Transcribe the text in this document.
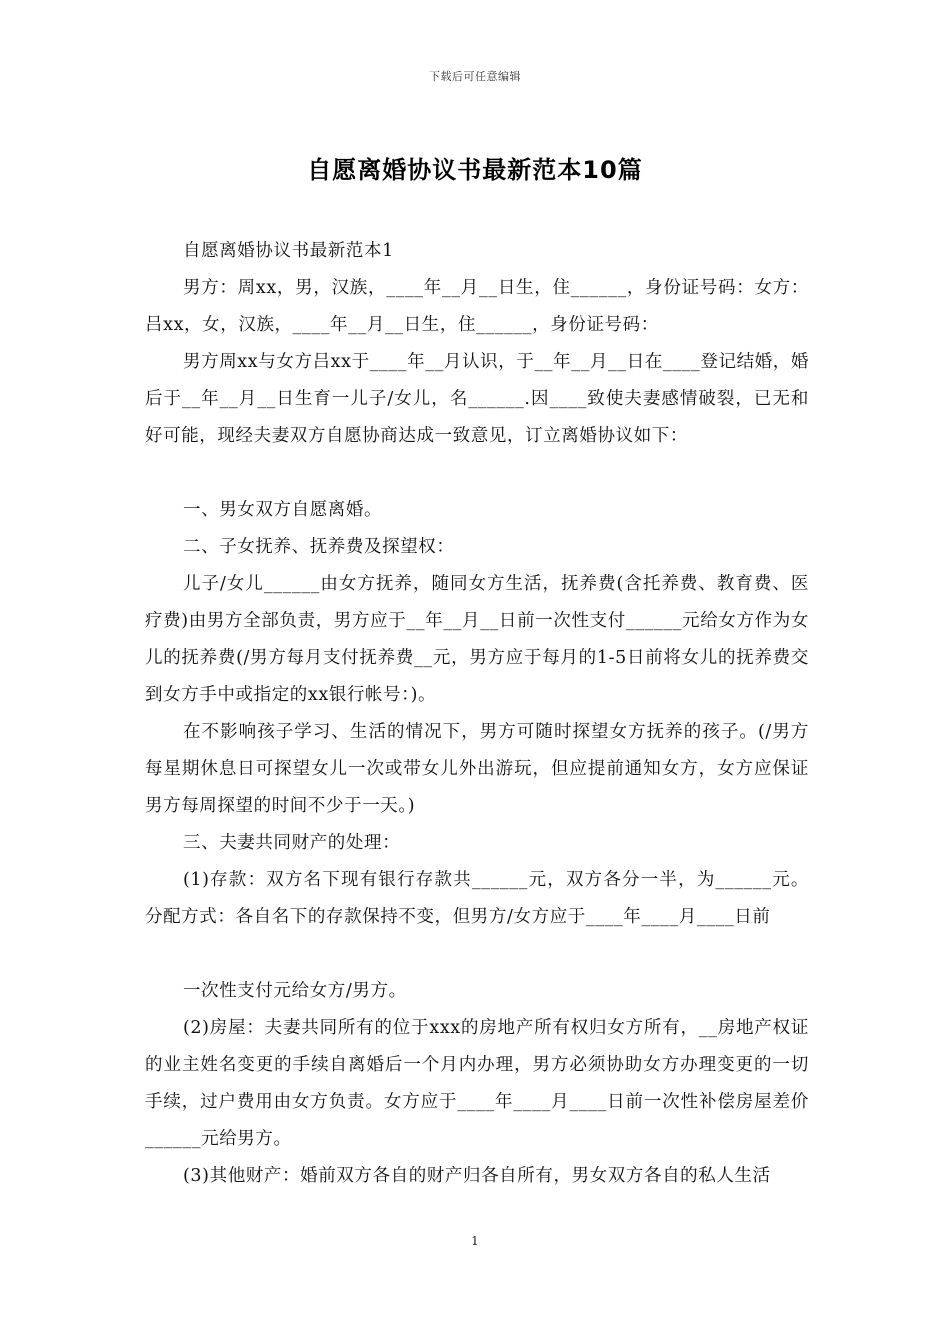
下载后可任意编辑
自愿离婚协议书最新范本10篇

自愿离婚协议书最新范本1

男方：周xx，男，汉族，____年__月__日生，住______，身份证号码：女方：吕xx，女，汉族，____年__月__日生，住______，身份证号码：

男方周xx与女方吕xx于____年__月认识，于__年__月__日在____登记结婚，婚后于__年__月__日生育一儿子/女儿，名______.因____致使夫妻感情破裂，已无和好可能，现经夫妻双方自愿协商达成一致意见，订立离婚协议如下：

一、男女双方自愿离婚。

二、子女抚养、抚养费及探望权：

儿子/女儿______由女方抚养，随同女方生活，抚养费(含托养费、教育费、医疗费)由男方全部负责，男方应于__年__月__日前一次性支付______元给女方作为女儿的抚养费(/男方每月支付抚养费__元，男方应于每月的1-5日前将女儿的抚养费交到女方手中或指定的xx银行帐号：)。

在不影响孩子学习、生活的情况下，男方可随时探望女方抚养的孩子。(/男方每星期休息日可探望女儿一次或带女儿外出游玩，但应提前通知女方，女方应保证男方每周探望的时间不少于一天。)

三、夫妻共同财产的处理：

(1)存款：双方名下现有银行存款共______元，双方各分一半，为______元。分配方式：各自名下的存款保持不变，但男方/女方应于____年____月____日前

一次性支付元给女方/男方。

(2)房屋：夫妻共同所有的位于xxx的房地产所有权归女方所有，__房地产权证的业主姓名变更的手续自离婚后一个月内办理，男方必须协助女方办理变更的一切手续，过户费用由女方负责。女方应于____年____月____日前一次性补偿房屋差价______元给男方。

(3)其他财产：婚前双方各自的财产归各自所有，男女双方各自的私人生活

1
